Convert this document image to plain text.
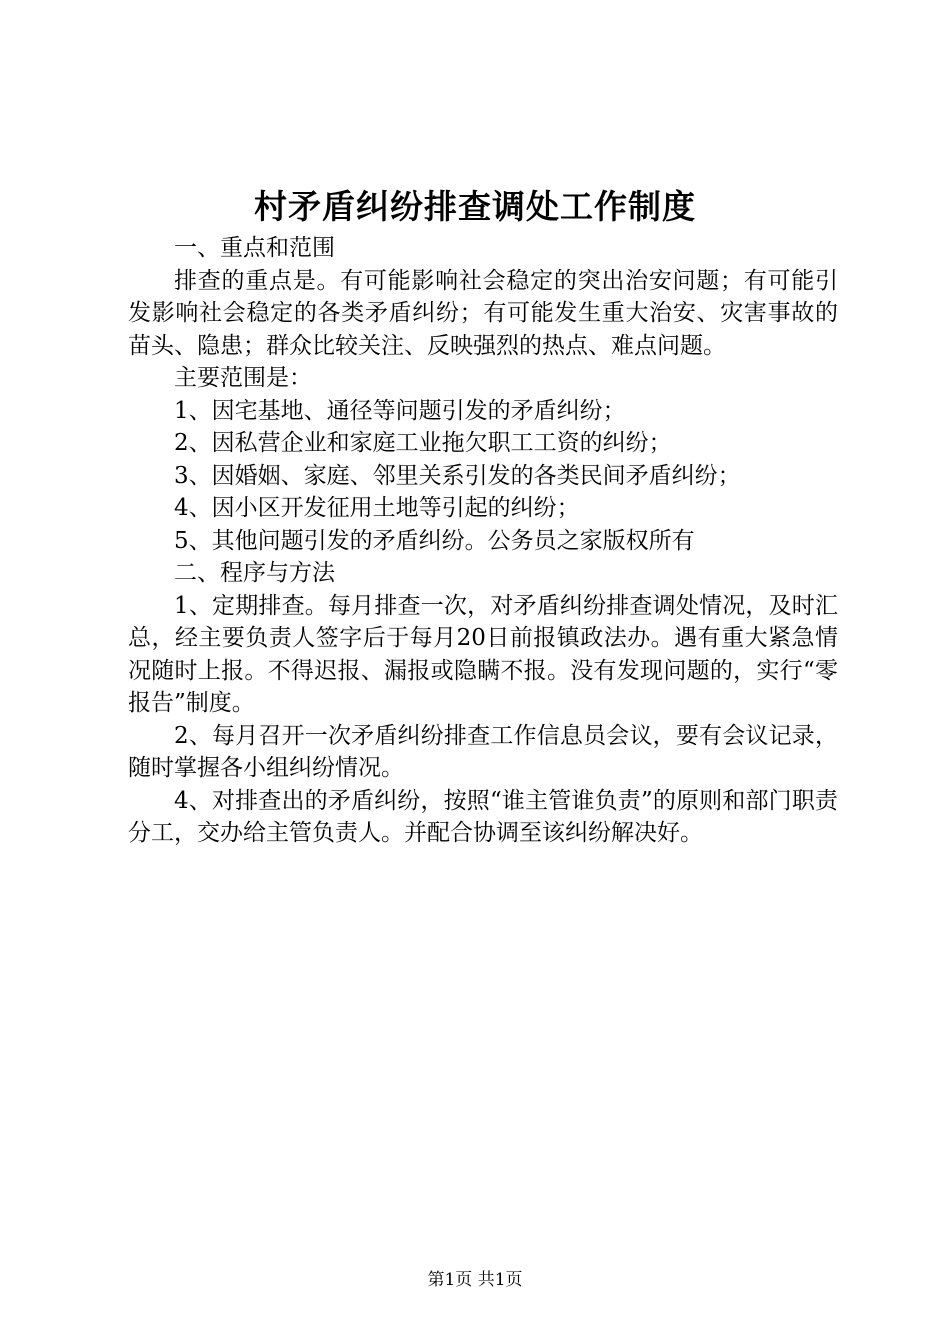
村矛盾纠纷排查调处工作制度

一、重点和范围

排查的重点是。有可能影响社会稳定的突出治安问题；有可能引发影响社会稳定的各类矛盾纠纷；有可能发生重大治安、灾害事故的苗头、隐患；群众比较关注、反映强烈的热点、难点问题。

主要范围是：

1、因宅基地、通径等问题引发的矛盾纠纷；

2、因私营企业和家庭工业拖欠职工工资的纠纷；

3、因婚姻、家庭、邻里关系引发的各类民间矛盾纠纷；

4、因小区开发征用土地等引起的纠纷；

5、其他问题引发的矛盾纠纷。公务员之家版权所有

二、程序与方法

1、定期排查。每月排查一次，对矛盾纠纷排查调处情况，及时汇总，经主要负责人签字后于每月20日前报镇政法办。遇有重大紧急情况随时上报。不得迟报、漏报或隐瞒不报。没有发现问题的，实行“零报告”制度。

2、每月召开一次矛盾纠纷排查工作信息员会议，要有会议记录，随时掌握各小组纠纷情况。

4、对排查出的矛盾纠纷，按照“谁主管谁负责”的原则和部门职责分工，交办给主管负责人。并配合协调至该纠纷解决好。

第1页 共1页
